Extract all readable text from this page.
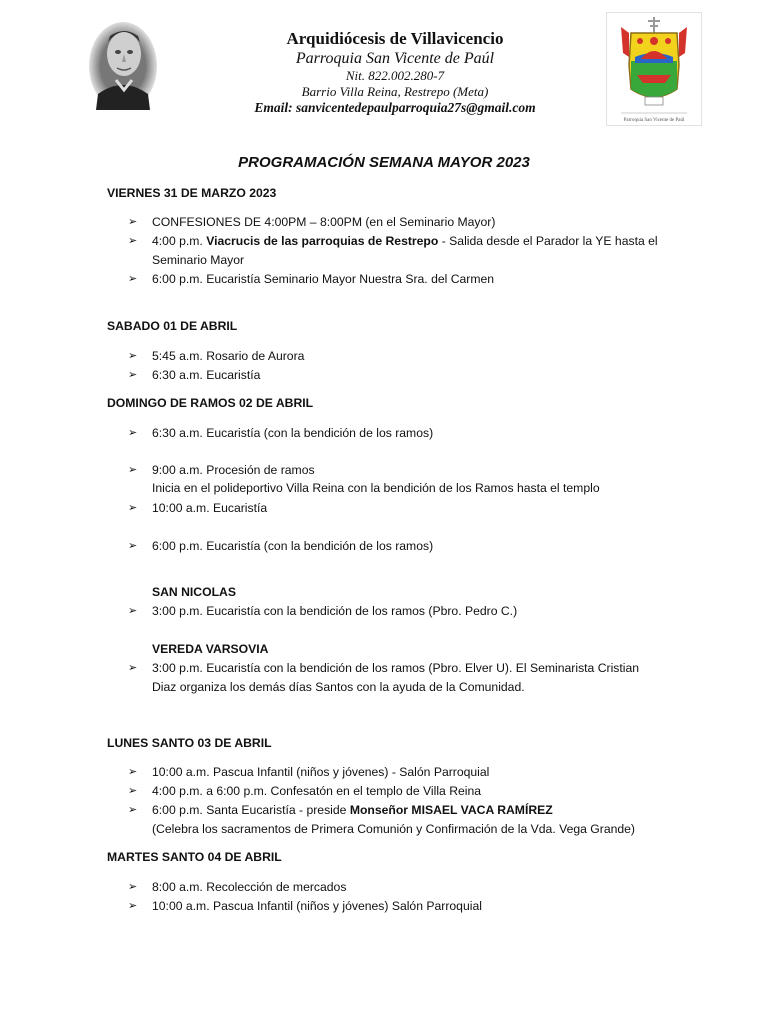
Arquidiócesis de Villavicencio
Parroquia San Vicente de Paúl
Nit. 822.002.280-7
Barrio Villa Reina, Restrepo (Meta)
Email: sanvicentedepaulparroquia27s@gmail.com
Parroquia San Vicente de Paúl
PROGRAMACIÓN SEMANA MAYOR 2023
VIERNES 31 DE MARZO 2023
➢	CONFESIONES DE 4:00PM – 8:00PM (en el Seminario Mayor)
➢	4:00 p.m. Viacrucis de las parroquias de Restrepo - Salida desde el Parador la YE hasta el
Seminario Mayor
➢	6:00 p.m. Eucaristía Seminario Mayor Nuestra Sra. del Carmen
SABADO 01 DE ABRIL
➢	5:45 a.m. Rosario de Aurora
➢	6:30 a.m. Eucaristía
DOMINGO DE RAMOS 02 DE ABRIL
➢	6:30 a.m. Eucaristía (con la bendición de los ramos)
➢	9:00 a.m. Procesión de ramos
Inicia en el polideportivo Villa Reina con la bendición de los Ramos hasta el templo
➢	10:00 a.m. Eucaristía
➢	6:00 p.m. Eucaristía (con la bendición de los ramos)
SAN NICOLAS
➢	3:00 p.m. Eucaristía con la bendición de los ramos (Pbro. Pedro C.)
VEREDA VARSOVIA
➢	3:00 p.m. Eucaristía con la bendición de los ramos (Pbro. Elver U). El Seminarista Cristian
Diaz organiza los demás días Santos con la ayuda de la Comunidad.
LUNES SANTO 03 DE ABRIL
➢	10:00 a.m. Pascua Infantil (niños y jóvenes) - Salón Parroquial
➢	4:00 p.m. a 6:00 p.m. Confesatón en el templo de Villa Reina
➢	6:00 p.m. Santa Eucaristía - preside Monseñor MISAEL VACA RAMÍREZ
(Celebra los sacramentos de Primera Comunión y Confirmación de la Vda. Vega Grande)
MARTES SANTO 04 DE ABRIL
➢	8:00 a.m. Recolección de mercados
➢	10:00 a.m. Pascua Infantil (niños y jóvenes) Salón Parroquial
